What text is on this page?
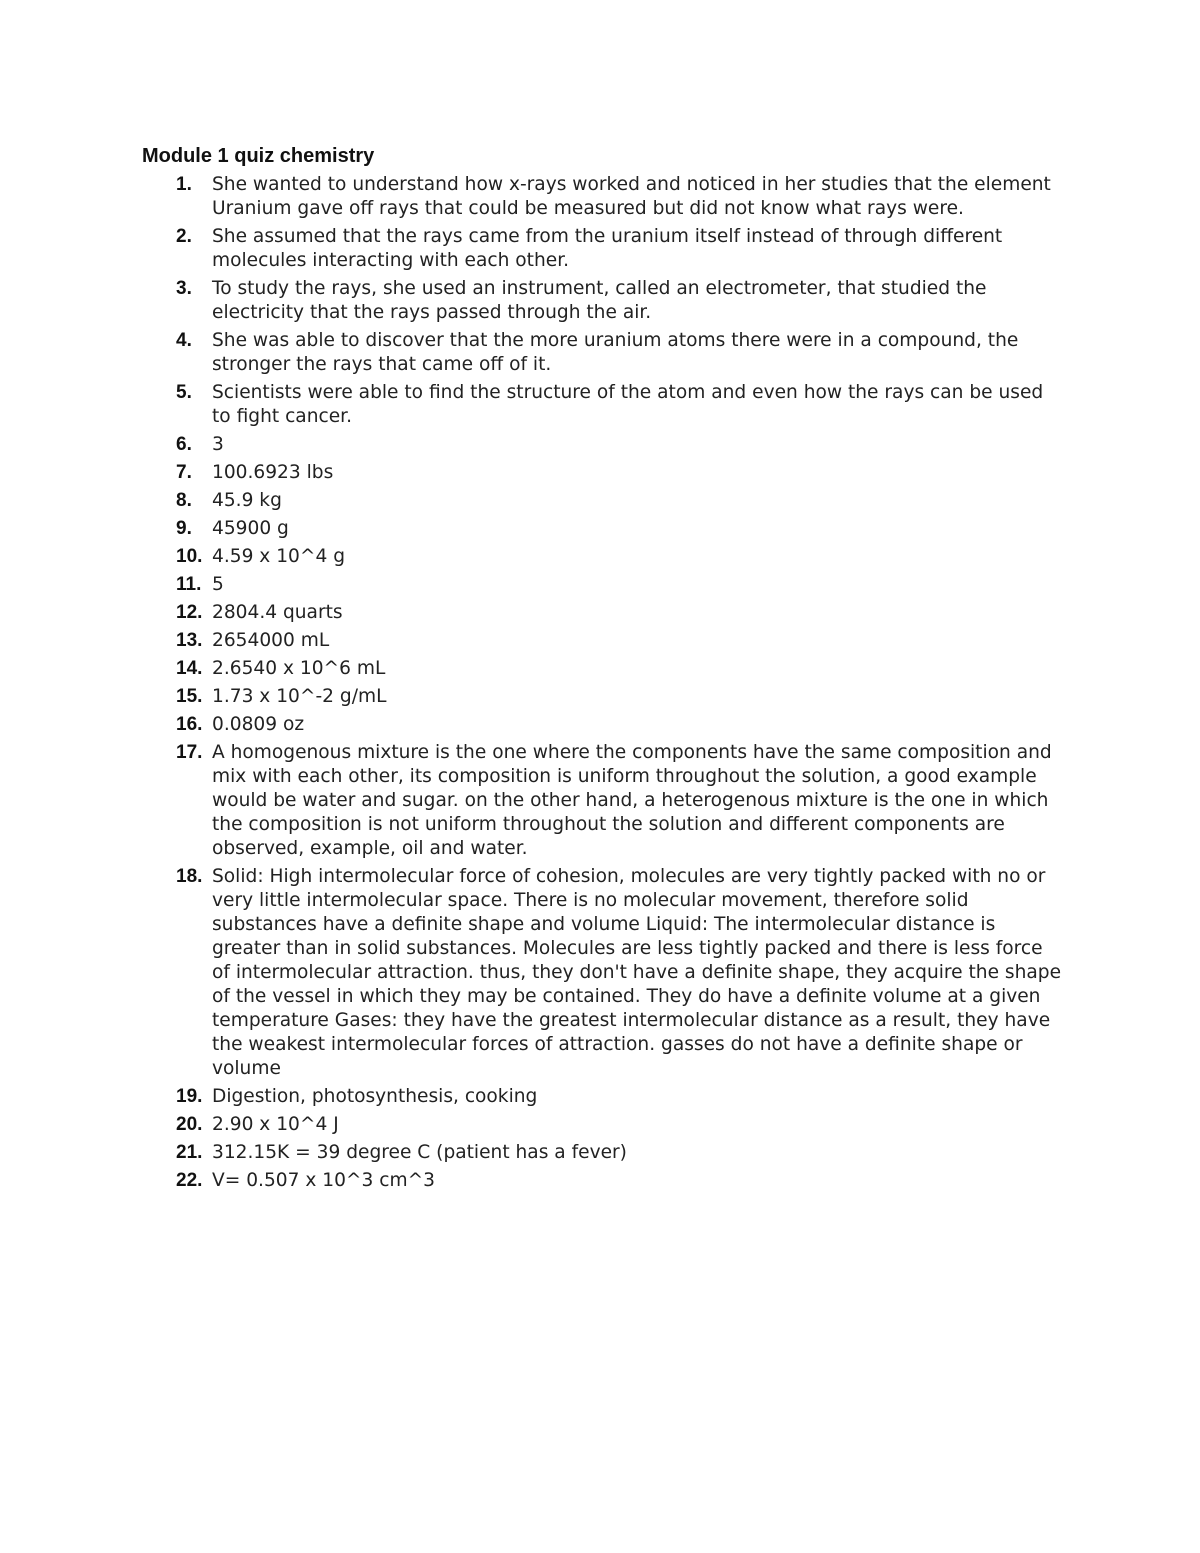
Module 1 quiz chemistry
1. She wanted to understand how x-rays worked and noticed in her studies that the element Uranium gave off rays that could be measured but did not know what rays were.
2. She assumed that the rays came from the uranium itself instead of through different molecules interacting with each other.
3. To study the rays, she used an instrument, called an electrometer, that studied the electricity that the rays passed through the air.
4. She was able to discover that the more uranium atoms there were in a compound, the stronger the rays that came off of it.
5. Scientists were able to find the structure of the atom and even how the rays can be used to fight cancer.
6. 3
7. 100.6923 lbs
8. 45.9 kg
9. 45900 g
10. 4.59 x 10^4 g
11. 5
12. 2804.4 quarts
13. 2654000 mL
14. 2.6540 x 10^6 mL
15. 1.73 x 10^-2 g/mL
16. 0.0809 oz
17. A homogenous mixture is the one where the components have the same composition and mix with each other, its composition is uniform throughout the solution, a good example would be water and sugar. on the other hand, a heterogenous mixture is the one in which the composition is not uniform throughout the solution and different components are observed, example, oil and water.
18. Solid: High intermolecular force of cohesion, molecules are very tightly packed with no or very little intermolecular space. There is no molecular movement, therefore solid substances have a definite shape and volume Liquid: The intermolecular distance is greater than in solid substances. Molecules are less tightly packed and there is less force of intermolecular attraction. thus, they don't have a definite shape, they acquire the shape of the vessel in which they may be contained. They do have a definite volume at a given temperature Gases: they have the greatest intermolecular distance as a result, they have the weakest intermolecular forces of attraction. gasses do not have a definite shape or volume
19. Digestion, photosynthesis, cooking
20. 2.90 x 10^4 J
21. 312.15K = 39 degree C (patient has a fever)
22. V= 0.507 x 10^3 cm^3
